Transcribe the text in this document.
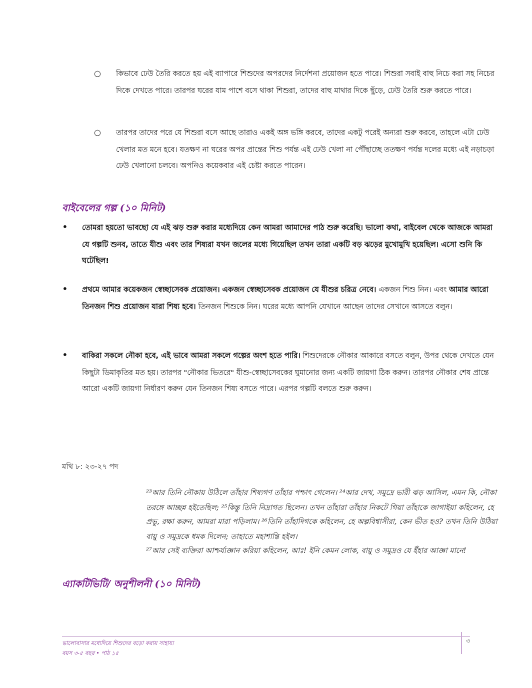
○ কিভাবে ঢেউ তৈরি করতে হয় এই ব্যাপারে শিশুদের অপরদের নির্দেশনা প্রয়োজন হতে পারে। শিশুরা সবাই বাহু নিচে করা সহ নিচের দিকে দেখতে পারে। তারপর ঘরের যাম পাশে বসে থাকা শিশুরা, তাদের বাহু মাথার দিকে ছুঁড়ে, ঢেউ তৈরি শুরু করতে পারে।
○ তারপর তাদের পরে যে শিশুরা বসে আছে তারাও একই অঙ্গ ভঙ্গি করবে, তাদের একটু পরেই অন্যরা শুরু করবে, তাহলে এটা ঢেউ খেলার মত মনে হবে। যতক্ষণ না ঘরের অপর প্রান্তের শিশু পর্যন্ত এই ঢেউ খেলা না পৌঁছাচ্ছে ততক্ষণ পর্যন্ত দলের মধ্যে এই নড়াচড়া ঢেউ খেলানো চলবে। অপনিও কয়েকবার এই চেষ্টা করতে পারেন।
বাইবেলের গল্প (১০ মিনিট)
• তোমরা হয়তো ভাবছো যে এই ঝড় শুরু করার মধ্যেদিয়ে কেন আমরা আমাদের পাঠ শুরু করেছি। ভালো কথা, বাইবেল থেকে আজকে আমরা যে গল্পটি শুনব, তাতে যীশু এবং তার শিষ্যরা যখন জলের মধ্যে গিয়েছিল তখন তারা একটি বড় ঝড়ের মুখোমুখি হয়েছিল। এসো শুনি কি ঘটেছিল!
• প্রথমে আমার কয়েকজন স্বেচ্ছাসেবক প্রয়োজন। একজন স্বেচ্ছাসেবক প্রয়োজন যে যীশুর চরিত্র নেবে। একজন শিশু নিন। এবং আমার আরো তিনজন শিশু প্রয়োজন যারা শিষ্য হবে। তিনজন শিশুকে নিন। ঘরের মধ্যে আপনি যেখানে আছেন তাদের সেখানে আসতে বলুন।
• বাকিরা সকলে নৌকা হবে, এই ভাবে আমরা সকলে গল্পের অংশ হতে পারি। শিশুদেরকে নৌকার আকারে বসতে বলুন, উপর থেকে দেখতে যেন কিছুটা ডিমাকৃতির মত হয়। তারপর "নৌকার ভিতরে" যীশু-স্বেচ্ছাসেবকের ঘুমানোর জন্য একটি জায়গা ঠিক করুন। তারপর নৌকার শেষ প্রান্তে আরো একটি জায়গা নির্ধারণ করুন যেন তিনজন শিষ্য বসতে পারে। এরপর গল্পটি বলতে শুরু করুন।
মথি ৮: ২৩-২৭ পদ

²³আর তিনি নৌকায় উঠিলে তাঁহার শিষ্যগণ তাঁহার পশ্চাৎ গেলেন। ²⁴আর দেখ, সমুদ্রে ভারী ঝড় আসিল, এমন কি, নৌকা তরঙ্গে আচ্ছন্ন হইতেছিল; ²⁵কিন্তু তিনি নিদ্রাগত ছিলেন। তখন তাঁহারা তাঁহার নিকটে গিয়া তাঁহাকে জাগাইয়া কহিলেন, হে প্রভু, রক্ষা করুন, আমরা মারা পড়িলাম। ²⁶তিনি তাঁহাদিগকে কহিলেন, হে অল্পবিশ্বাসীরা, কেন ভীত হও? তখন তিনি উঠিয়া বায়ু ও সমুদ্রকে ধমক দিলেন; তাহাতে মহাশান্তি হইল।

²⁷আর সেই ব্যক্তিরা আশ্চর্য্যজ্ঞান করিয়া কহিলেন, আঃ! ইনি কেমন লোক, বায়ু ও সমুদ্রও যে ইঁহার আজ্ঞা মানে!

এ্যাকটিভিটি/ অনুশীলনী (১০ মিনিট)
ভালোবাসার মধ্যেদিয়ে শিশুদের বড়ো করায় সাহায্য
বয়স ৩-৫ বছর • পাঠ ১৫
৩
